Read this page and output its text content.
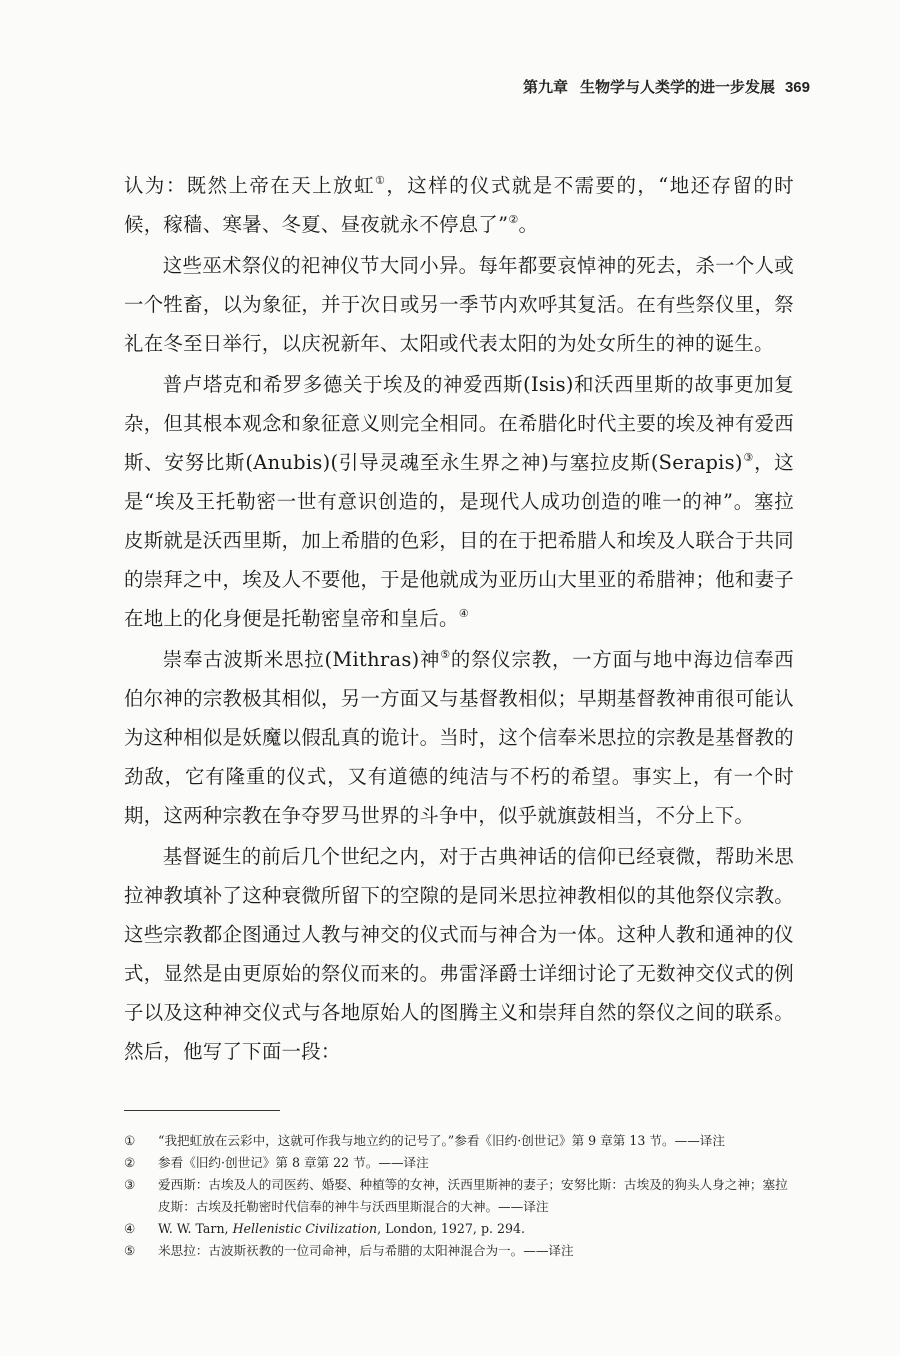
第九章 生物学与人类学的进一步发展 369

认为：既然上帝在天上放虹①，这样的仪式就是不需要的，“地还存留的时候，稼穑、寒暑、冬夏、昼夜就永不停息了”②。

这些巫术祭仪的祀神仪节大同小异。每年都要哀悼神的死去，杀一个人或一个牲畜，以为象征，并于次日或另一季节内欢呼其复活。在有些祭仪里，祭礼在冬至日举行，以庆祝新年、太阳或代表太阳的为处女所生的神的诞生。

普卢塔克和希罗多德关于埃及的神爱西斯(Isis)和沃西里斯的故事更加复杂，但其根本观念和象征意义则完全相同。在希腊化时代主要的埃及神有爱西斯、安努比斯(Anubis)(引导灵魂至永生界之神)与塞拉皮斯(Serapis)③，这是“埃及王托勒密一世有意识创造的，是现代人成功创造的唯一的神”。塞拉皮斯就是沃西里斯，加上希腊的色彩，目的在于把希腊人和埃及人联合于共同的崇拜之中，埃及人不要他，于是他就成为亚历山大里亚的希腊神；他和妻子在地上的化身便是托勒密皇帝和皇后。④

崇奉古波斯米思拉(Mithras)神⑤的祭仪宗教，一方面与地中海边信奉西伯尔神的宗教极其相似，另一方面又与基督教相似；早期基督教神甫很可能认为这种相似是妖魔以假乱真的诡计。当时，这个信奉米思拉的宗教是基督教的劲敌，它有隆重的仪式，又有道德的纯洁与不朽的希望。事实上，有一个时期，这两种宗教在争夺罗马世界的斗争中，似乎就旗鼓相当，不分上下。

基督诞生的前后几个世纪之内，对于古典神话的信仰已经衰微，帮助米思拉神教填补了这种衰微所留下的空隙的是同米思拉神教相似的其他祭仪宗教。这些宗教都企图通过人教与神交的仪式而与神合为一体。这种人教和通神的仪式，显然是由更原始的祭仪而来的。弗雷泽爵士详细讨论了无数神交仪式的例子以及这种神交仪式与各地原始人的图腾主义和崇拜自然的祭仪之间的联系。然后，他写了下面一段：

① “我把虹放在云彩中，这就可作我与地立约的记号了。”参看《旧约·创世记》第 9 章第 13 节。——译注
② 参看《旧约·创世记》第 8 章第 22 节。——译注
③ 爱西斯：古埃及人的司医药、婚娶、种植等的女神，沃西里斯神的妻子；安努比斯：古埃及的狗头人身之神；塞拉皮斯：古埃及托勒密时代信奉的神牛与沃西里斯混合的大神。——译注
④ W. W. Tarn, Hellenistic Civilization, London, 1927, p. 294.
⑤ 米思拉：古波斯祆教的一位司命神，后与希腊的太阳神混合为一。——译注
